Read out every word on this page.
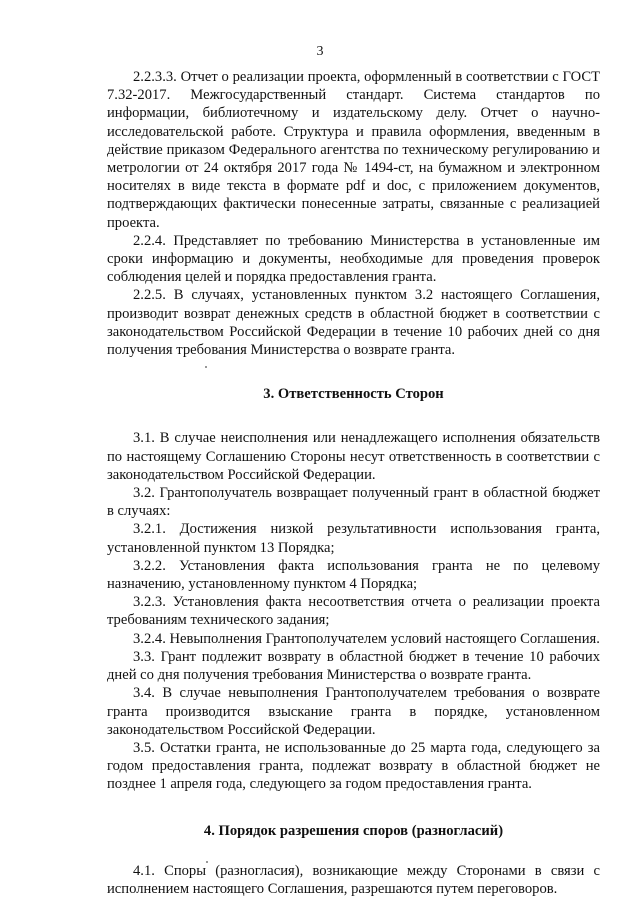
3

2.2.3.3. Отчет о реализации проекта, оформленный в соответствии с ГОСТ 7.32-2017. Межгосударственный стандарт. Система стандартов по информации, библиотечному и издательскому делу. Отчет о научно-исследовательской работе. Структура и правила оформления, введенным в действие приказом Федерального агентства по техническому регулированию и метрологии от 24 октября 2017 года № 1494-ст, на бумажном и электронном носителях в виде текста в формате pdf и doc, с приложением документов, подтверждающих фактически понесенные затраты, связанные с реализацией проекта.

2.2.4. Представляет по требованию Министерства в установленные им сроки информацию и документы, необходимые для проведения проверок соблюдения целей и порядка предоставления гранта.

2.2.5. В случаях, установленных пунктом 3.2 настоящего Соглашения, производит возврат денежных средств в областной бюджет в соответствии с законодательством Российской Федерации в течение 10 рабочих дней со дня получения требования Министерства о возврате гранта.

3. Ответственность Сторон

3.1. В случае неисполнения или ненадлежащего исполнения обязательств по настоящему Соглашению Стороны несут ответственность в соответствии с законодательством Российской Федерации.

3.2. Грантополучатель возвращает полученный грант в областной бюджет в случаях:

3.2.1. Достижения низкой результативности использования гранта, установленной пунктом 13 Порядка;

3.2.2. Установления факта использования гранта не по целевому назначению, установленному пунктом 4 Порядка;

3.2.3. Установления факта несоответствия отчета о реализации проекта требованиям технического задания;

3.2.4. Невыполнения Грантополучателем условий настоящего Соглашения.

3.3. Грант подлежит возврату в областной бюджет в течение 10 рабочих дней со дня получения требования Министерства о возврате гранта.

3.4. В случае невыполнения Грантополучателем требования о возврате гранта производится взыскание гранта в порядке, установленном законодательством Российской Федерации.

3.5. Остатки гранта, не использованные до 25 марта года, следующего за годом предоставления гранта, подлежат возврату в областной бюджет не позднее 1 апреля года, следующего за годом предоставления гранта.

4. Порядок разрешения споров (разногласий)

4.1. Споры (разногласия), возникающие между Сторонами в связи с исполнением настоящего Соглашения, разрешаются путем переговоров.
